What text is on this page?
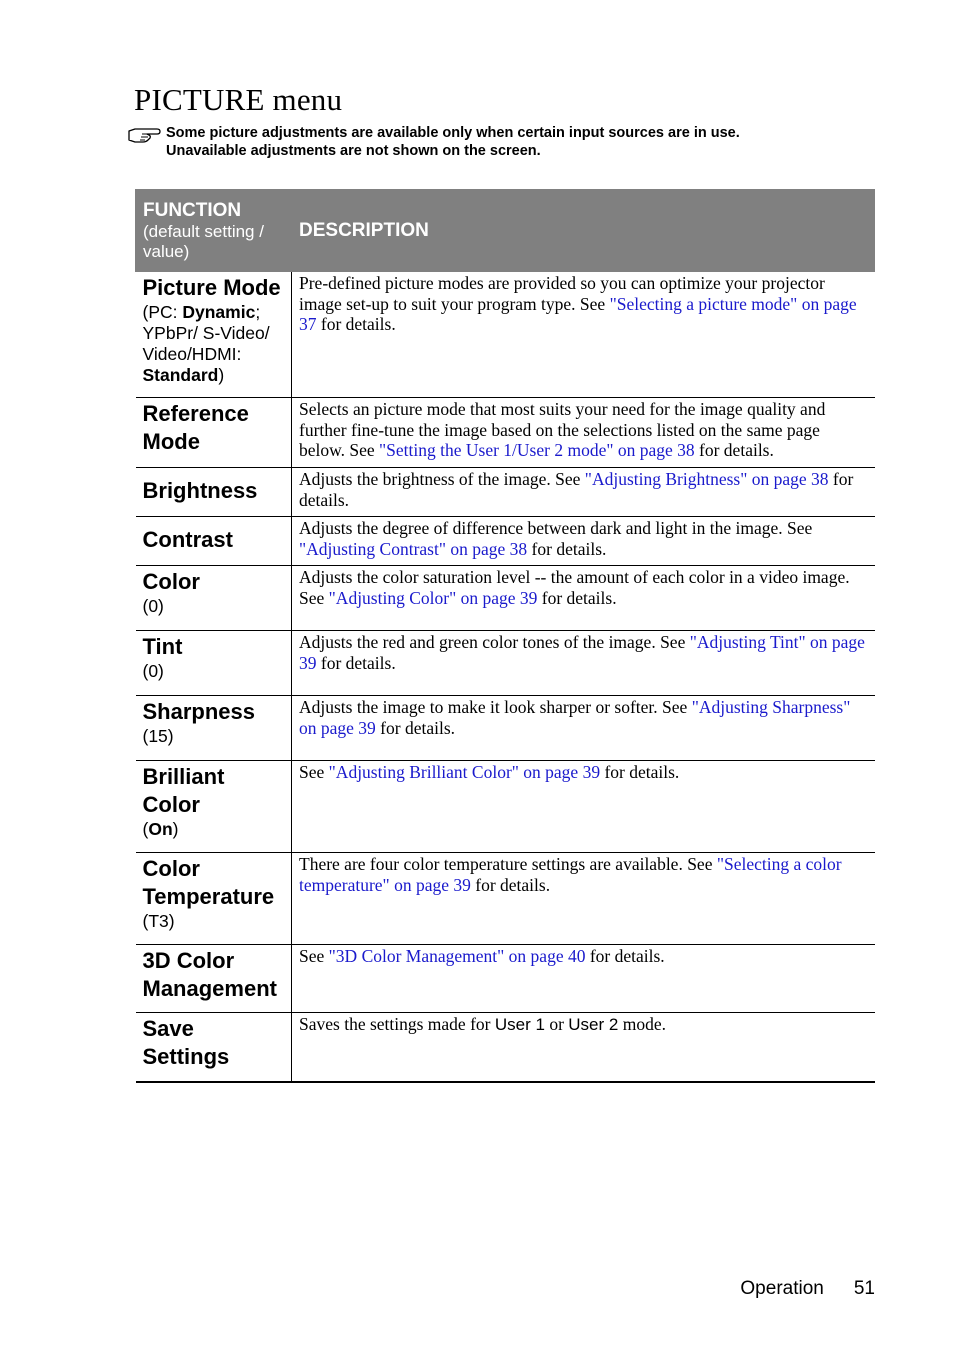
PICTURE menu
Some picture adjustments are available only when certain input sources are in use.
Unavailable adjustments are not shown on the screen.
FUNCTION
(default setting / value)	DESCRIPTION

Picture Mode
(PC: Dynamic; YPbPr/ S-Video/ Video/HDMI: Standard)	Pre-defined picture modes are provided so you can optimize your projector image set-up to suit your program type. See "Selecting a picture mode" on page 37 for details.

Reference Mode	Selects an picture mode that most suits your need for the image quality and further fine-tune the image based on the selections listed on the same page below. See "Setting the User 1/User 2 mode" on page 38 for details.

Brightness	Adjusts the brightness of the image. See "Adjusting Brightness" on page 38 for details.

Contrast	Adjusts the degree of difference between dark and light in the image. See "Adjusting Contrast" on page 38 for details.

Color
(0)	Adjusts the color saturation level -- the amount of each color in a video image. See "Adjusting Color" on page 39 for details.

Tint
(0)	Adjusts the red and green color tones of the image. See "Adjusting Tint" on page 39 for details.

Sharpness
(15)	Adjusts the image to make it look sharper or softer. See "Adjusting Sharpness" on page 39 for details.

Brilliant Color
(On)	See "Adjusting Brilliant Color" on page 39 for details.

Color Temperature
(T3)	There are four color temperature settings are available. See "Selecting a color temperature" on page 39 for details.

3D Color Management	See "3D Color Management" on page 40 for details.

Save Settings	Saves the settings made for User 1 or User 2 mode.
Operation 51
